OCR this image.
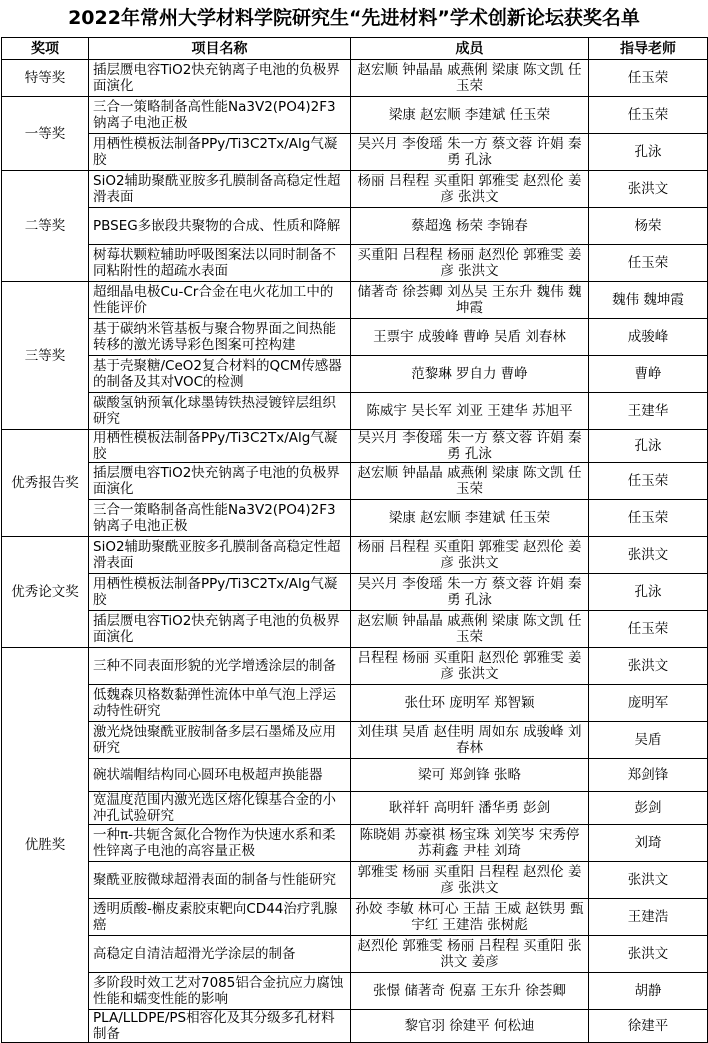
2022年常州大学材料学院研究生“先进材料”学术创新论坛获奖名单
奖项	项目名称	成员	指导老师
特等奖	插层赝电容TiO2快充钠离子电池的负极界面演化	赵宏顺 钟晶晶 戚燕俐 梁康 陈文凯 任玉荣	任玉荣
一等奖	三合一策略制备高性能Na3V2(PO4)2F3钠离子电池正极	梁康 赵宏顺 李建斌 任玉荣	任玉荣
	用栖性模板法制备PPy/Ti3C2Tx/Alg气凝胶	吴兴月 李俊瑶 朱一方 蔡文蓉 许娟 秦勇 孔泳	孔泳
二等奖	SiO2辅助聚酰亚胺多孔膜制备高稳定性超滑表面	杨丽 吕程程 买重阳 郭雅雯 赵烈伦 姜彦 张洪文	张洪文
	PBSEG多嵌段共聚物的合成、性质和降解	蔡超逸 杨荣 李锦春	杨荣
	树莓状颗粒辅助呼吸图案法以同时制备不同粘附性的超疏水表面	买重阳 吕程程 杨丽 赵烈伦 郭雅雯 姜彦 张洪文	任玉荣
三等奖	超细晶电极Cu-Cr合金在电火花加工中的性能评价	储著奇 徐荟卿 刘丛吴 王东升 魏伟 魏坤霞	魏伟 魏坤霞
	基于碳纳米管基板与聚合物界面之间热能转移的激光诱导彩色图案可控构建	王票宇 成骏峰 曹峥 吴盾 刘春林	成骏峰
	基于壳聚糖/CeO2复合材料的QCM传感器的制备及其对VOC的检测	范黎琳 罗自力 曹峥	曹峥
	碳酸氢钠预氧化球墨铸铁热浸镀锌层组织研究	陈威宇 吴长军 刘亚 王建华 苏旭平	王建华
优秀报告奖	用栖性模板法制备PPy/Ti3C2Tx/Alg气凝胶	吴兴月 李俊瑶 朱一方 蔡文蓉 许娟 秦勇 孔泳	孔泳
	插层赝电容TiO2快充钠离子电池的负极界面演化	赵宏顺 钟晶晶 戚燕俐 梁康 陈文凯 任玉荣	任玉荣
	三合一策略制备高性能Na3V2(PO4)2F3钠离子电池正极	梁康 赵宏顺 李建斌 任玉荣	任玉荣
优秀论文奖	SiO2辅助聚酰亚胺多孔膜制备高稳定性超滑表面	杨丽 吕程程 买重阳 郭雅雯 赵烈伦 姜彦 张洪文	张洪文
	用栖性模板法制备PPy/Ti3C2Tx/Alg气凝胶	吴兴月 李俊瑶 朱一方 蔡文蓉 许娟 秦勇 孔泳	孔泳
	插层赝电容TiO2快充钠离子电池的负极界面演化	赵宏顺 钟晶晶 戚燕俐 梁康 陈文凯 任玉荣	任玉荣
优胜奖	三种不同表面形貌的光学增透涂层的制备	吕程程 杨丽 买重阳 赵烈伦 郭雅雯 姜彦 张洪文	张洪文
	低魏森贝格数黏弹性流体中单气泡上浮运动特性研究	张仕环 庞明军 郑智颖	庞明军
	激光烧蚀聚酰亚胺制备多层石墨烯及应用研究	刘佳琪 吴盾 赵佳明 周如东 成骏峰 刘春林	吴盾
	碗状端帽结构同心圆环电极超声换能器	梁可 郑剑锋 张略	郑剑锋
	宽温度范围内激光选区熔化镍基合金的小冲孔试验研究	耿祥轩 高明轩 潘华勇 彭剑	彭剑
	一种π-共轭含氮化合物作为快速水系和柔性锌离子电池的高容量正极	陈晓娟 苏豪祺 杨宝珠 刘笑岑 宋秀停 苏莉鑫 尹桂 刘琦	刘琦
	聚酰亚胺微球超滑表面的制备与性能研究	郭雅雯 杨丽 买重阳 吕程程 赵烈伦 姜彦 张洪文	张洪文
	透明质酸-槲皮素胶束靶向CD44治疗乳腺癌	孙姣 李敏 林可心 王喆 王威 赵铁男 甄宇红 王建浩 张树彪	王建浩
	高稳定自清洁超滑光学涂层的制备	赵烈伦 郭雅雯 杨丽 吕程程 买重阳 张洪文 姜彦	张洪文
	多阶段时效工艺对7085铝合金抗应力腐蚀性能和蠕变性能的影响	张憬 储著奇 倪嘉 王东升 徐荟卿	胡静
	PLA/LLDPE/PS相容化及其分级多孔材料制备	黎官羽 徐建平 何松迪	徐建平
